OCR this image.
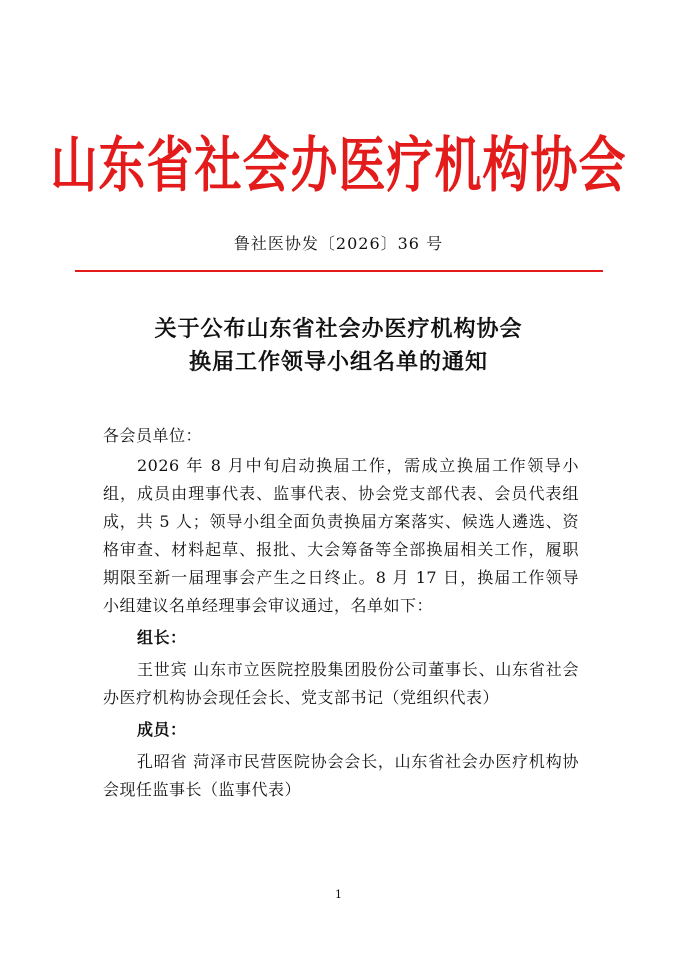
山东省社会办医疗机构协会
鲁社医协发〔2026〕36 号
关于公布山东省社会办医疗机构协会
换届工作领导小组名单的通知

各会员单位：

2026 年 8 月中旬启动换届工作，需成立换届工作领导小组，成员由理事代表、监事代表、协会党支部代表、会员代表组成，共 5 人；领导小组全面负责换届方案落实、候选人遴选、资格审查、材料起草、报批、大会筹备等全部换届相关工作，履职期限至新一届理事会产生之日终止。8 月 17 日，换届工作领导小组建议名单经理事会审议通过，名单如下：

组长：

王世宾 山东市立医院控股集团股份公司董事长、山东省社会办医疗机构协会现任会长、党支部书记（党组织代表）

成员：

孔昭省 菏泽市民营医院协会会长，山东省社会办医疗机构协会现任监事长（监事代表）

1
